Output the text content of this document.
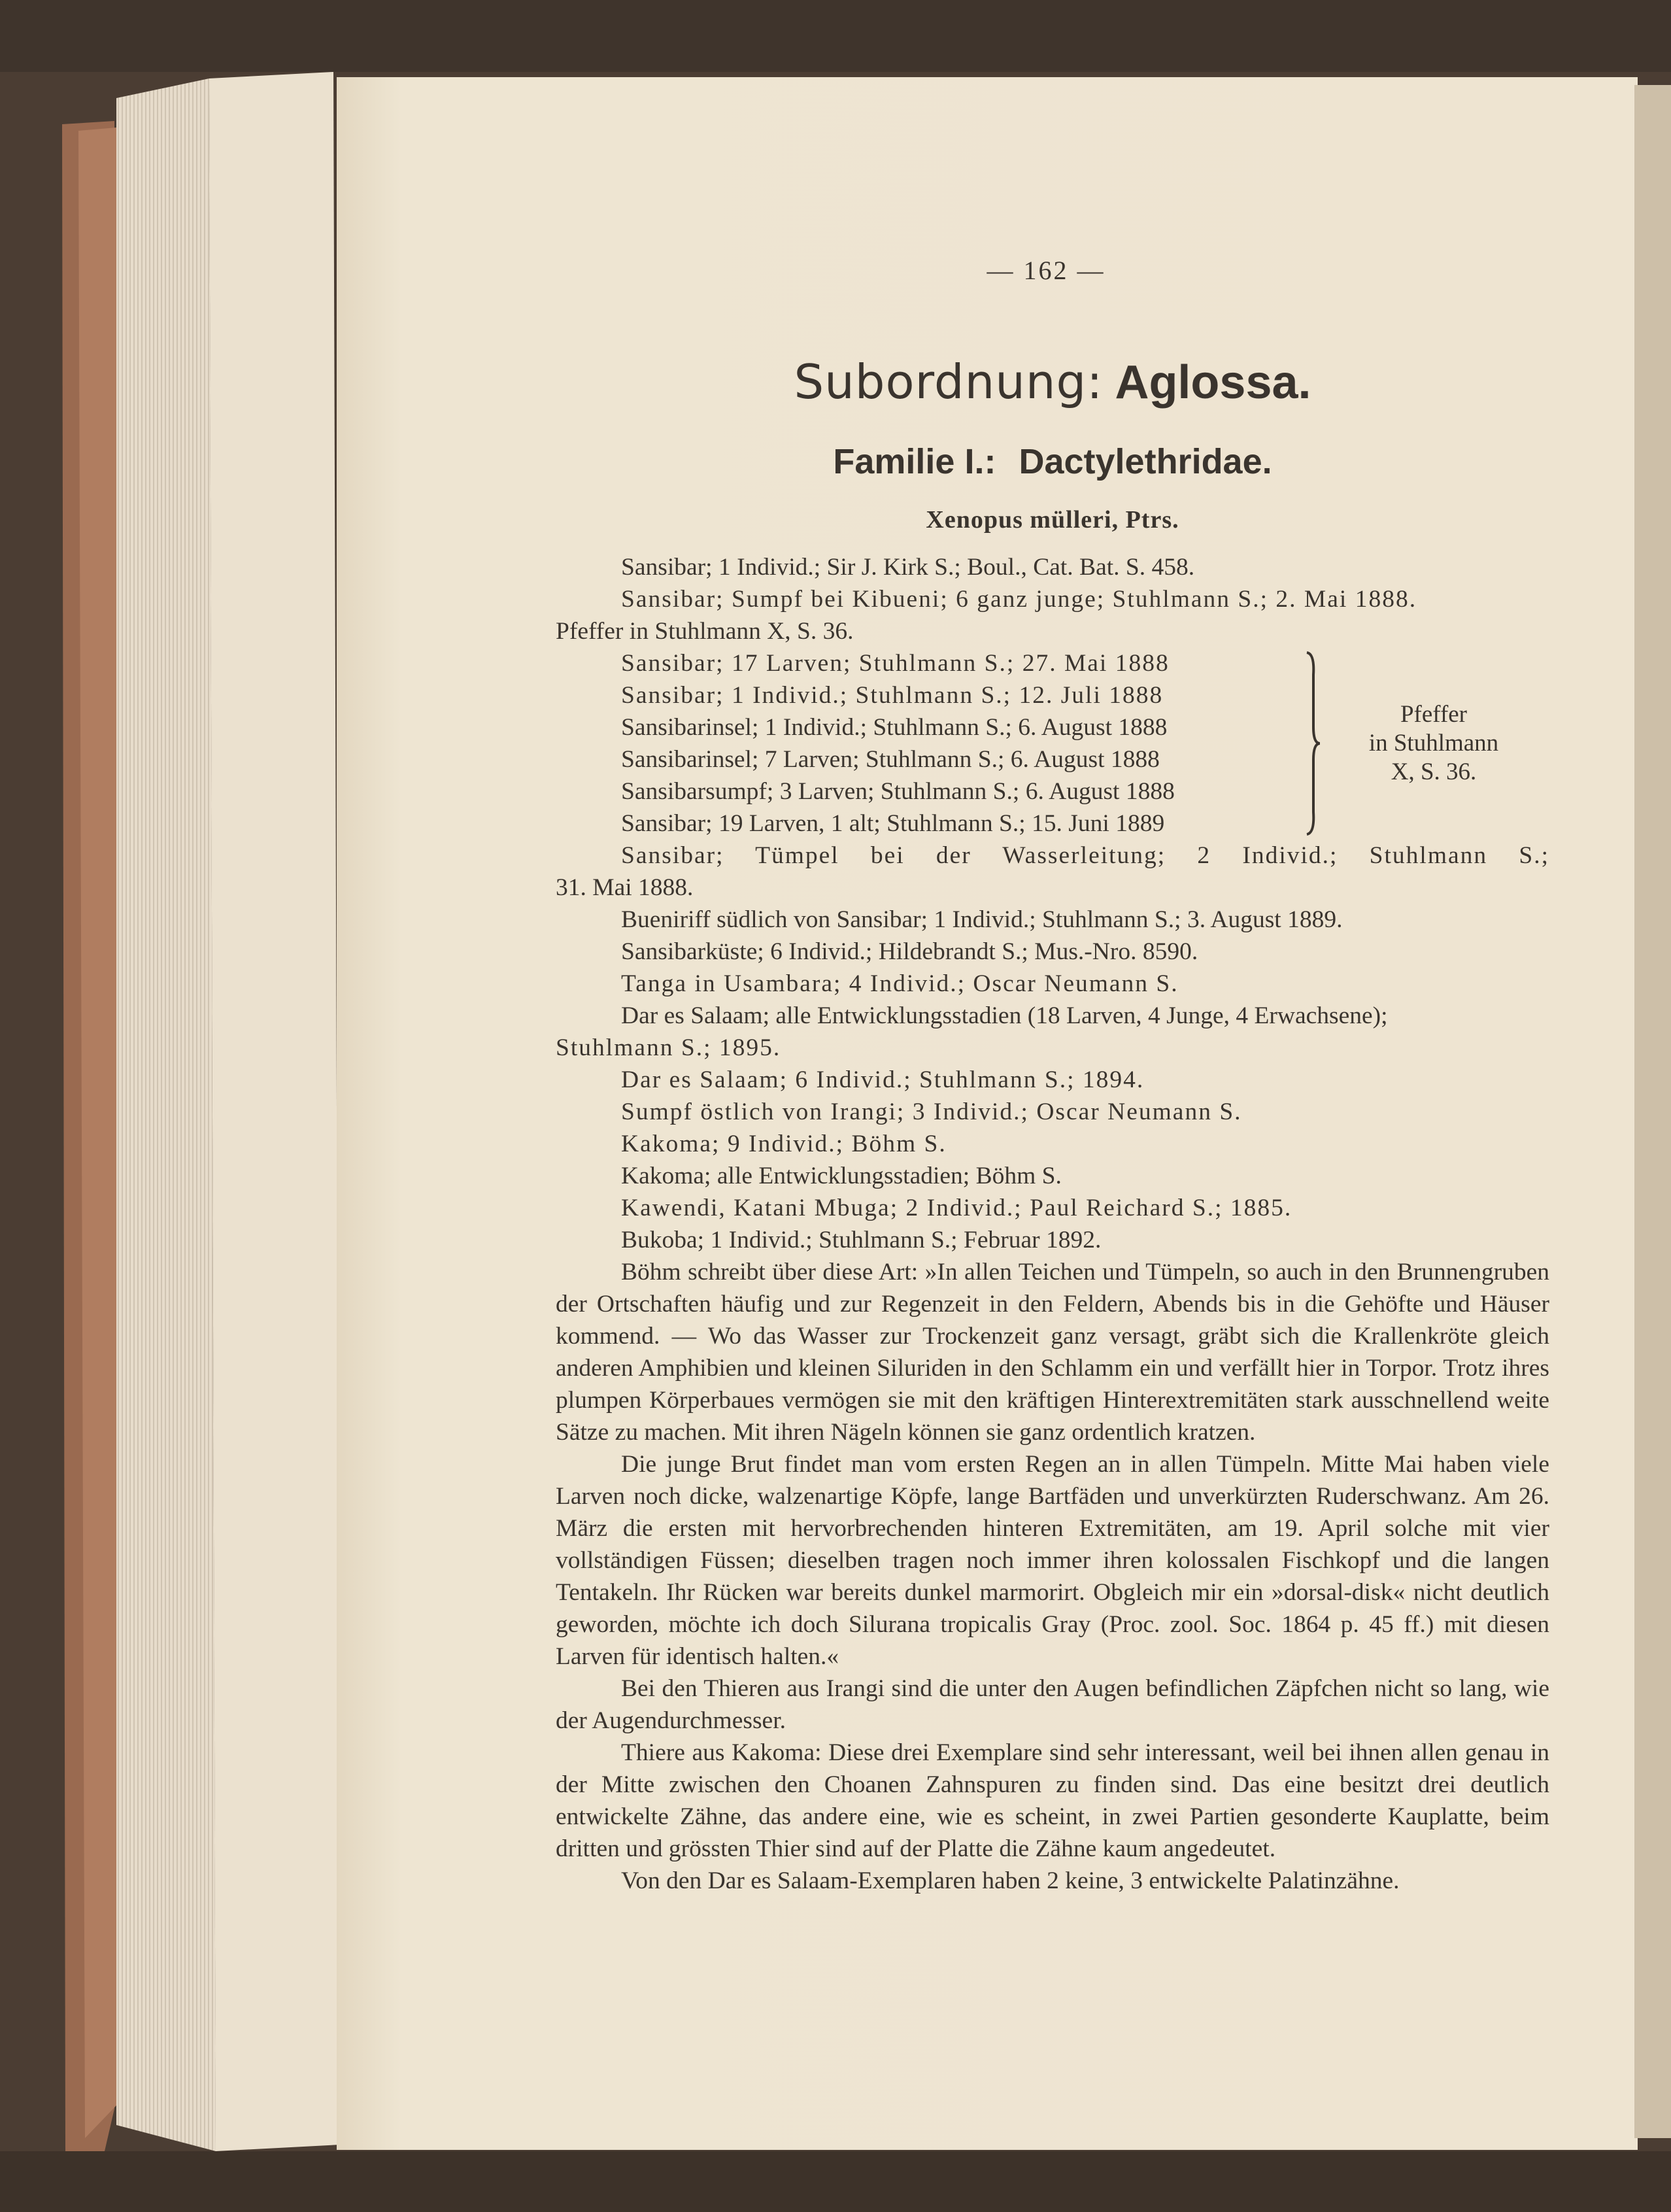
— 162 —
Subordnung: Aglossa.
Familie I.: Dactylethridae.
Xenopus mülleri, Ptrs.

Sansibar; 1 Individ.; Sir J. Kirk S.; Boul., Cat. Bat. S. 458.

Sansibar; Sumpf bei Kibueni; 6 ganz junge; Stuhlmann S.; 2. Mai 1888.

Pfeffer in Stuhlmann X, S. 36.

Sansibar; 17 Larven; Stuhlmann S.; 27. Mai 1888

Sansibar; 1 Individ.; Stuhlmann S.; 12. Juli 1888

Sansibarinsel; 1 Individ.; Stuhlmann S.; 6. August 1888

Sansibarinsel; 7 Larven; Stuhlmann S.; 6. August 1888

Sansibarsumpf; 3 Larven; Stuhlmann S.; 6. August 1888

Sansibar; 19 Larven, 1 alt; Stuhlmann S.; 15. Juni 1889

Pfeffer
in Stuhlmann
X, S. 36.

Sansibar; Tümpel bei der Wasserleitung; 2 Individ.; Stuhlmann S.;

31. Mai 1888.

Bueniriff südlich von Sansibar; 1 Individ.; Stuhlmann S.; 3. August 1889.

Sansibarküste; 6 Individ.; Hildebrandt S.; Mus.-Nro. 8590.

Tanga in Usambara; 4 Individ.; Oscar Neumann S.

Dar es Salaam; alle Entwicklungsstadien (18 Larven, 4 Junge, 4 Erwachsene);

Stuhlmann S.; 1895.

Dar es Salaam; 6 Individ.; Stuhlmann S.; 1894.

Sumpf östlich von Irangi; 3 Individ.; Oscar Neumann S.

Kakoma; 9 Individ.; Böhm S.

Kakoma; alle Entwicklungsstadien; Böhm S.

Kawendi, Katani Mbuga; 2 Individ.; Paul Reichard S.; 1885.

Bukoba; 1 Individ.; Stuhlmann S.; Februar 1892.

Böhm schreibt über diese Art: »In allen Teichen und Tümpeln, so auch in den Brunnengruben der Ortschaften häufig und zur Regenzeit in den Feldern, Abends bis in die Gehöfte und Häuser kommend. — Wo das Wasser zur Trockenzeit ganz versagt, gräbt sich die Krallenkröte gleich anderen Amphibien und kleinen Siluriden in den Schlamm ein und verfällt hier in Torpor. Trotz ihres plumpen Körperbaues vermögen sie mit den kräftigen Hinterextremitäten stark ausschnellend weite Sätze zu machen. Mit ihren Nägeln können sie ganz ordentlich kratzen.

Die junge Brut findet man vom ersten Regen an in allen Tümpeln. Mitte Mai haben viele Larven noch dicke, walzenartige Köpfe, lange Bartfäden und unverkürzten Ruderschwanz. Am 26. März die ersten mit hervorbrechenden hinteren Extremitäten, am 19. April solche mit vier vollständigen Füssen; dieselben tragen noch immer ihren kolossalen Fischkopf und die langen Tentakeln. Ihr Rücken war bereits dunkel marmorirt. Obgleich mir ein »dorsal-disk« nicht deutlich geworden, möchte ich doch Silurana tropicalis Gray (Proc. zool. Soc. 1864 p. 45 ff.) mit diesen Larven für identisch halten.«

Bei den Thieren aus Irangi sind die unter den Augen befindlichen Zäpfchen nicht so lang, wie der Augendurchmesser.

Thiere aus Kakoma: Diese drei Exemplare sind sehr interessant, weil bei ihnen allen genau in der Mitte zwischen den Choanen Zahnspuren zu finden sind. Das eine besitzt drei deutlich entwickelte Zähne, das andere eine, wie es scheint, in zwei Partien gesonderte Kauplatte, beim dritten und grössten Thier sind auf der Platte die Zähne kaum angedeutet.

Von den Dar es Salaam-Exemplaren haben 2 keine, 3 entwickelte Palatinzähne.
